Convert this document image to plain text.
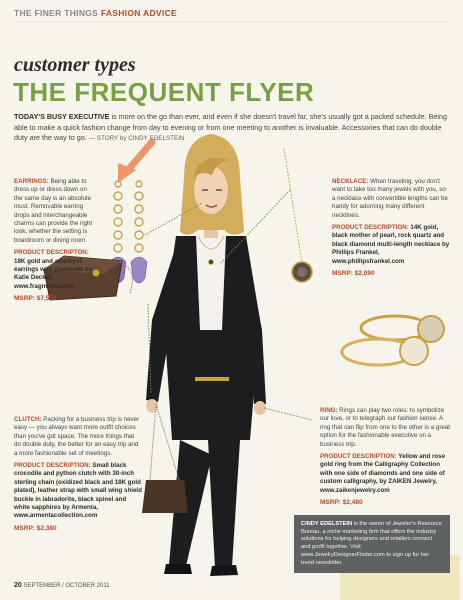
THE FINER THINGS FASHION ADVICE
customer types
THE FREQUENT FLYER
TODAY'S BUSY EXECUTIVE is more on the go than ever, and even if she doesn't travel far, she's usually got a packed schedule. Being able to make a quick fashion change from day to evening or from one meeting to another is invaluable. Accessories that can do double duty are the way to go. — STORY by CINDY EDELSTEIN
EARRINGS: Being able to dress up or dress down on the same day is an absolute must. Removable earring drops and interchangeable charms can provide the right look, whether the setting is boardroom or dining room.
PRODUCT DESCRIPTON: 18K gold and amethyst earrings with diamonds by Katie Decker, www.fragments.com
MSRP: $7,550
NECKLACE: When traveling, you don't want to take too many jewels with you, so a necklace with convertible lengths can be handy for adorning many different necklines.
PRODUCT DESCRIPTION: 14K gold, black mother of pearl, rock quartz and black diamond multi-length necklace by Phillips Frankel, www.phillipsfrankel.com
MSRP: $2,090
CLUTCH: Packing for a business trip is never easy — you always want more outfit choices than you've got space. The more things that do double duty, the better for an easy trip and a more fashionable set of meetings.
PRODUCT DESCRIPTION: Small black crocodile and python clutch with 30-inch sterling chain (oxidized black and 18K gold plated), leather strap with small wing shield buckle in labradorite, black spinel and white sapphires by Armenta, www.armentacollection.com
MSRP: $2,380
RING: Rings can play two roles: to symbolize our love, or to telegraph our fashion sense. A ring that can flip from one to the other is a great option for the fashionable executive on a business trip.
PRODUCT DESCRIPTION: Yellow and rose gold ring from the Calligraphy Collection with one side of diamonds and one side of custom calligraphy, by ZAIKEN Jewelry, www.zaikenjewelry.com
MSRP: $2,480
CINDY EDELSTEIN is the owner of Jeweler's Resource Bureau, a niche marketing firm that offers the industry solutions for helping designers and retailers connect and profit together. Visit www.JewelryDesignerFinder.com to sign up for her trend newsletter.
20 SEPTEMBER / OCTOBER 2011
